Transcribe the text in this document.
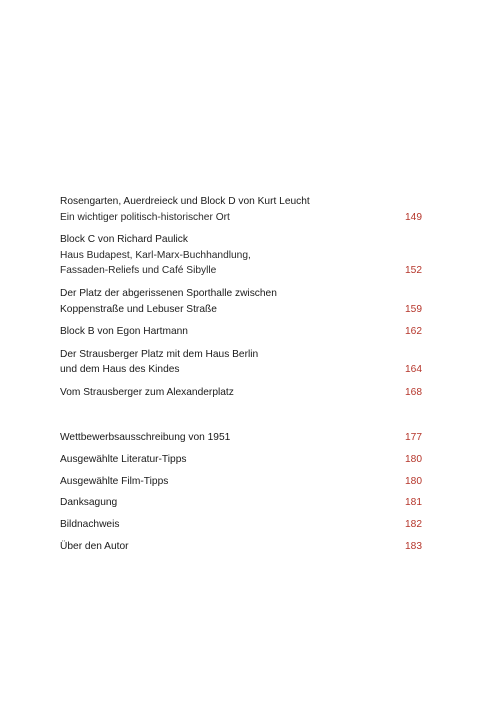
Rosengarten, Auerdreieck und Block D von Kurt Leucht
Ein wichtiger politisch-historischer Ort	149
Block C von Richard Paulick
Haus Budapest, Karl-Marx-Buchhandlung,
Fassaden-Reliefs und Café Sibylle	152
Der Platz der abgerissenen Sporthalle zwischen
Koppenstraße und Lebuser Straße	159
Block B von Egon Hartmann	162
Der Strausberger Platz mit dem Haus Berlin
und dem Haus des Kindes	164
Vom Strausberger zum Alexanderplatz	168
Wettbewerbsausschreibung von 1951	177
Ausgewählte Literatur-Tipps	180
Ausgewählte Film-Tipps	180
Danksagung	181
Bildnachweis	182
Über den Autor	183
